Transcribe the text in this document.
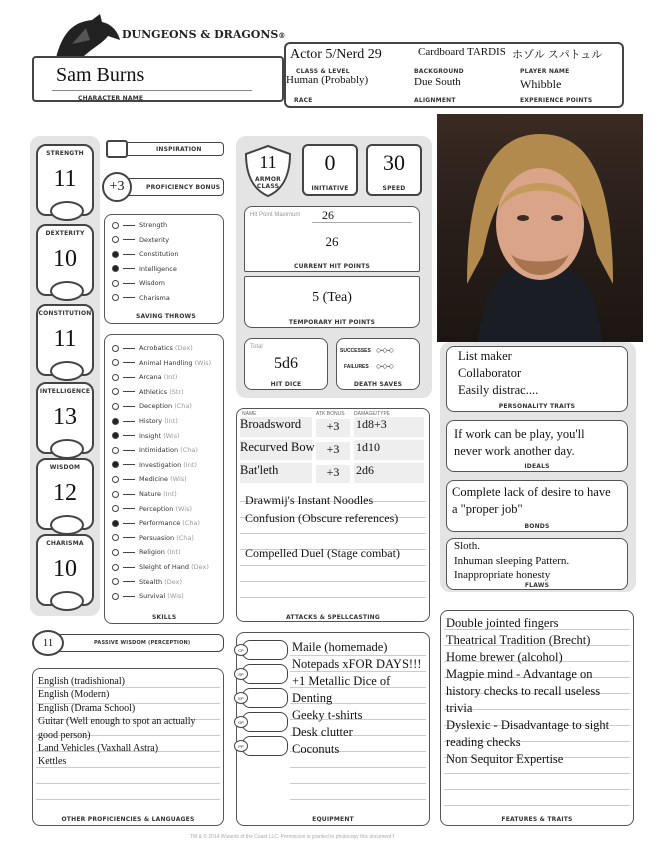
DUNGEONS & DRAGONS®
Sam Burns
CHARACTER NAME
Actor 5/Nerd 29	Cardboard TARDIS ホゾル スパトュル
CLASS & LEVEL	BACKGROUND	PLAYER NAME
Human (Probably)	Due South	Whibble
RACE	ALIGNMENT	EXPERIENCE POINTS
STRENGTH
11
DEXTERITY
10
CONSTITUTION
11
INTELLIGENCE
13
WISDOM
12
CHARISMA
10
INSPIRATION
+3	PROFICIENCY BONUS
Strength
Dexterity
Constitution
Intelligence
Wisdom
Charisma
SAVING THROWS
Acrobatics (Dex)
Animal Handling (Wis)
Arcana (Int)
Athletics (Str)
Deception (Cha)
History (Int)
Insight (Wis)
Intimidation (Cha)
Investigation (Int)
Medicine (Wis)
Nature (Int)
Perception (Wis)
Performance (Cha)
Persuasion (Cha)
Religion (Int)
Sleight of Hand (Dex)
Stealth (Dex)
Survival (Wis)
SKILLS
11
ARMOR CLASS
0
INITIATIVE
30
SPEED
Hit Point Maximum 26
26
CURRENT HIT POINTS
5 (Tea)
TEMPORARY HIT POINTS
Total
5d6
HIT DICE
SUCCESSES ○-○-○
FAILURES ○-○-○
DEATH SAVES
NAME	ATK BONUS DAMAGE/TYPE
Broadsword	+3	1d8+3
Recurved Bow +3	1d10
Bat'leth	+3	2d6
Drawmij's Instant Noodles
Confusion (Obscure references)
Compelled Duel (Stage combat)
ATTACKS & SPELLCASTING
List maker
Collaborator
Easily distrac....
PERSONALITY TRAITS
If work can be play, you'll
never work another day.
IDEALS
Complete lack of desire to have
a "proper job"
BONDS
Sloth.
Inhuman sleeping Pattern.
Inappropriate honesty
FLAWS
11	PASSIVE WISDOM (PERCEPTION)
English (tradishional)
English (Modern)
English (Drama School)
Guitar (Well enough to spot an actually
good person)
Land Vehicles (Vaxhall Astra)
Kettles
OTHER PROFICIENCIES & LANGUAGES
CP
SP
EP
GP
PP
Maile (homemade)
Notepads xFOR DAYS!!!
+1 Metallic Dice of
Denting
Geeky t-shirts
Desk clutter
Coconuts
EQUIPMENT
Double jointed fingers
Theatrical Tradition (Brecht)
Home brewer (alcohol)
Magpie mind - Advantage on
history checks to recall useless
trivia
Dyslexic - Disadvantage to sight
reading checks
Non Sequitor Expertise
FEATURES & TRAITS
TM & © 2014 Wizards of the Coast LLC. Permission is granted to photocopy this document f
